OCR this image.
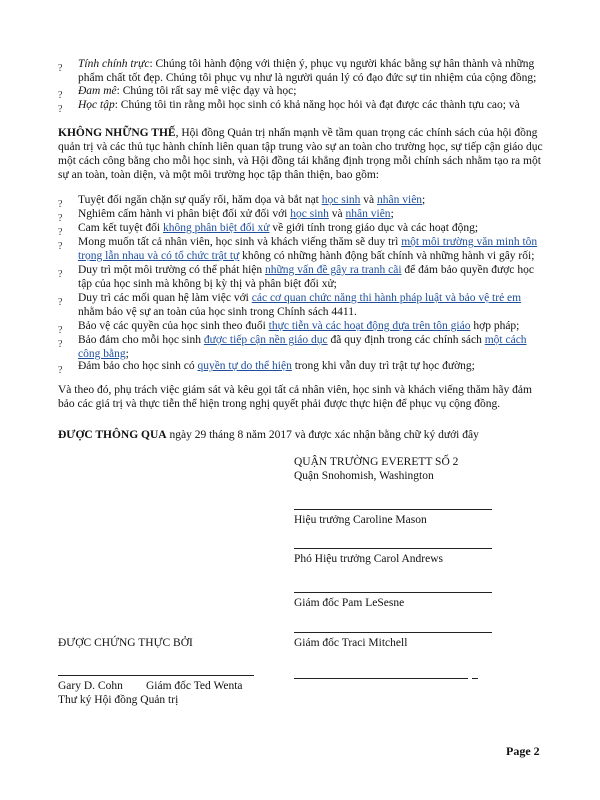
? Tính chính trực: Chúng tôi hành động với thiện ý, phục vụ người khác bằng sự hân thành và những phẩm chất tốt đẹp. Chúng tôi phục vụ như là người quản lý có đạo đức sự tin nhiệm của cộng đồng;
? Đam mê: Chúng tôi rất say mê việc dạy và học;
? Học tập: Chúng tôi tin rằng mỗi học sinh có khả năng học hỏi và đạt được các thành tựu cao; và
KHÔNG NHỮNG THẾ, Hội đồng Quản trị nhấn mạnh về tầm quan trọng các chính sách của hội đồng quản trị và các thủ tục hành chính liên quan tập trung vào sự an toàn cho trường học, sự tiếp cận giáo dục một cách công bằng cho mỗi học sinh, và Hội đồng tái khẳng định trọng mỗi chính sách nhằm tạo ra một sự an toàn, toàn diện, và một môi trường học tập thân thiện, bao gồm:
? Tuyệt đối ngăn chặn sự quấy rối, hăm dọa và bắt nạt học sinh và nhân viên;
? Nghiêm cấm hành vi phân biệt đối xử đối với học sinh và nhân viên;
? Cam kết tuyệt đối không phân biệt đối xử về giới tính trong giáo dục và các hoạt động;
? Mong muốn tất cả nhân viên, học sinh và khách viếng thăm sẽ duy trì một môi trường văn minh tôn trọng lẫn nhau và có tổ chức trật tự không có những hành động bất chính và những hành vi gây rối;
? Duy trì một môi trường có thể phát hiện những vấn đề gây ra tranh cãi để đảm bảo quyền được học tập của học sinh mà không bị kỳ thị và phân biệt đối xử;
? Duy trì các mối quan hệ làm việc với các cơ quan chức năng thi hành pháp luật và bảo vệ trẻ em nhằm bảo vệ sự an toàn của học sinh trong Chính sách 4411.
? Bảo vệ các quyền của học sinh theo đuổi thực tiễn và các hoạt động dựa trên tôn giáo hợp pháp;
? Bảo đảm cho mỗi học sinh được tiếp cận nền giáo dục đã quy định trong các chính sách một cách công bằng;
? Đảm bảo cho học sinh có quyền tự do thể hiện trong khi vẫn duy trì trật tự học đường;
Và theo đó, phụ trách việc giám sát và kêu gọi tất cả nhân viên, học sinh và khách viếng thăm hãy đảm bảo các giá trị và thực tiễn thể hiện trong nghị quyết phải được thực hiện để phục vụ cộng đồng.
ĐƯỢC THÔNG QUA ngày 29 tháng 8 năm 2017 và được xác nhận bằng chữ ký dưới đây
QUẬN TRƯỜNG EVERETT SỐ 2
Quận Snohomish, Washington
Hiệu trưởng Caroline Mason
Phó Hiệu trưởng Carol Andrews
Giám đốc Pam LeSesne
Giám đốc Traci Mitchell
ĐƯỢC CHỨNG THỰC BỞI
Gary D. Cohn Giám đốc Ted Wenta
Thư ký Hội đồng Quản trị
Page 2
